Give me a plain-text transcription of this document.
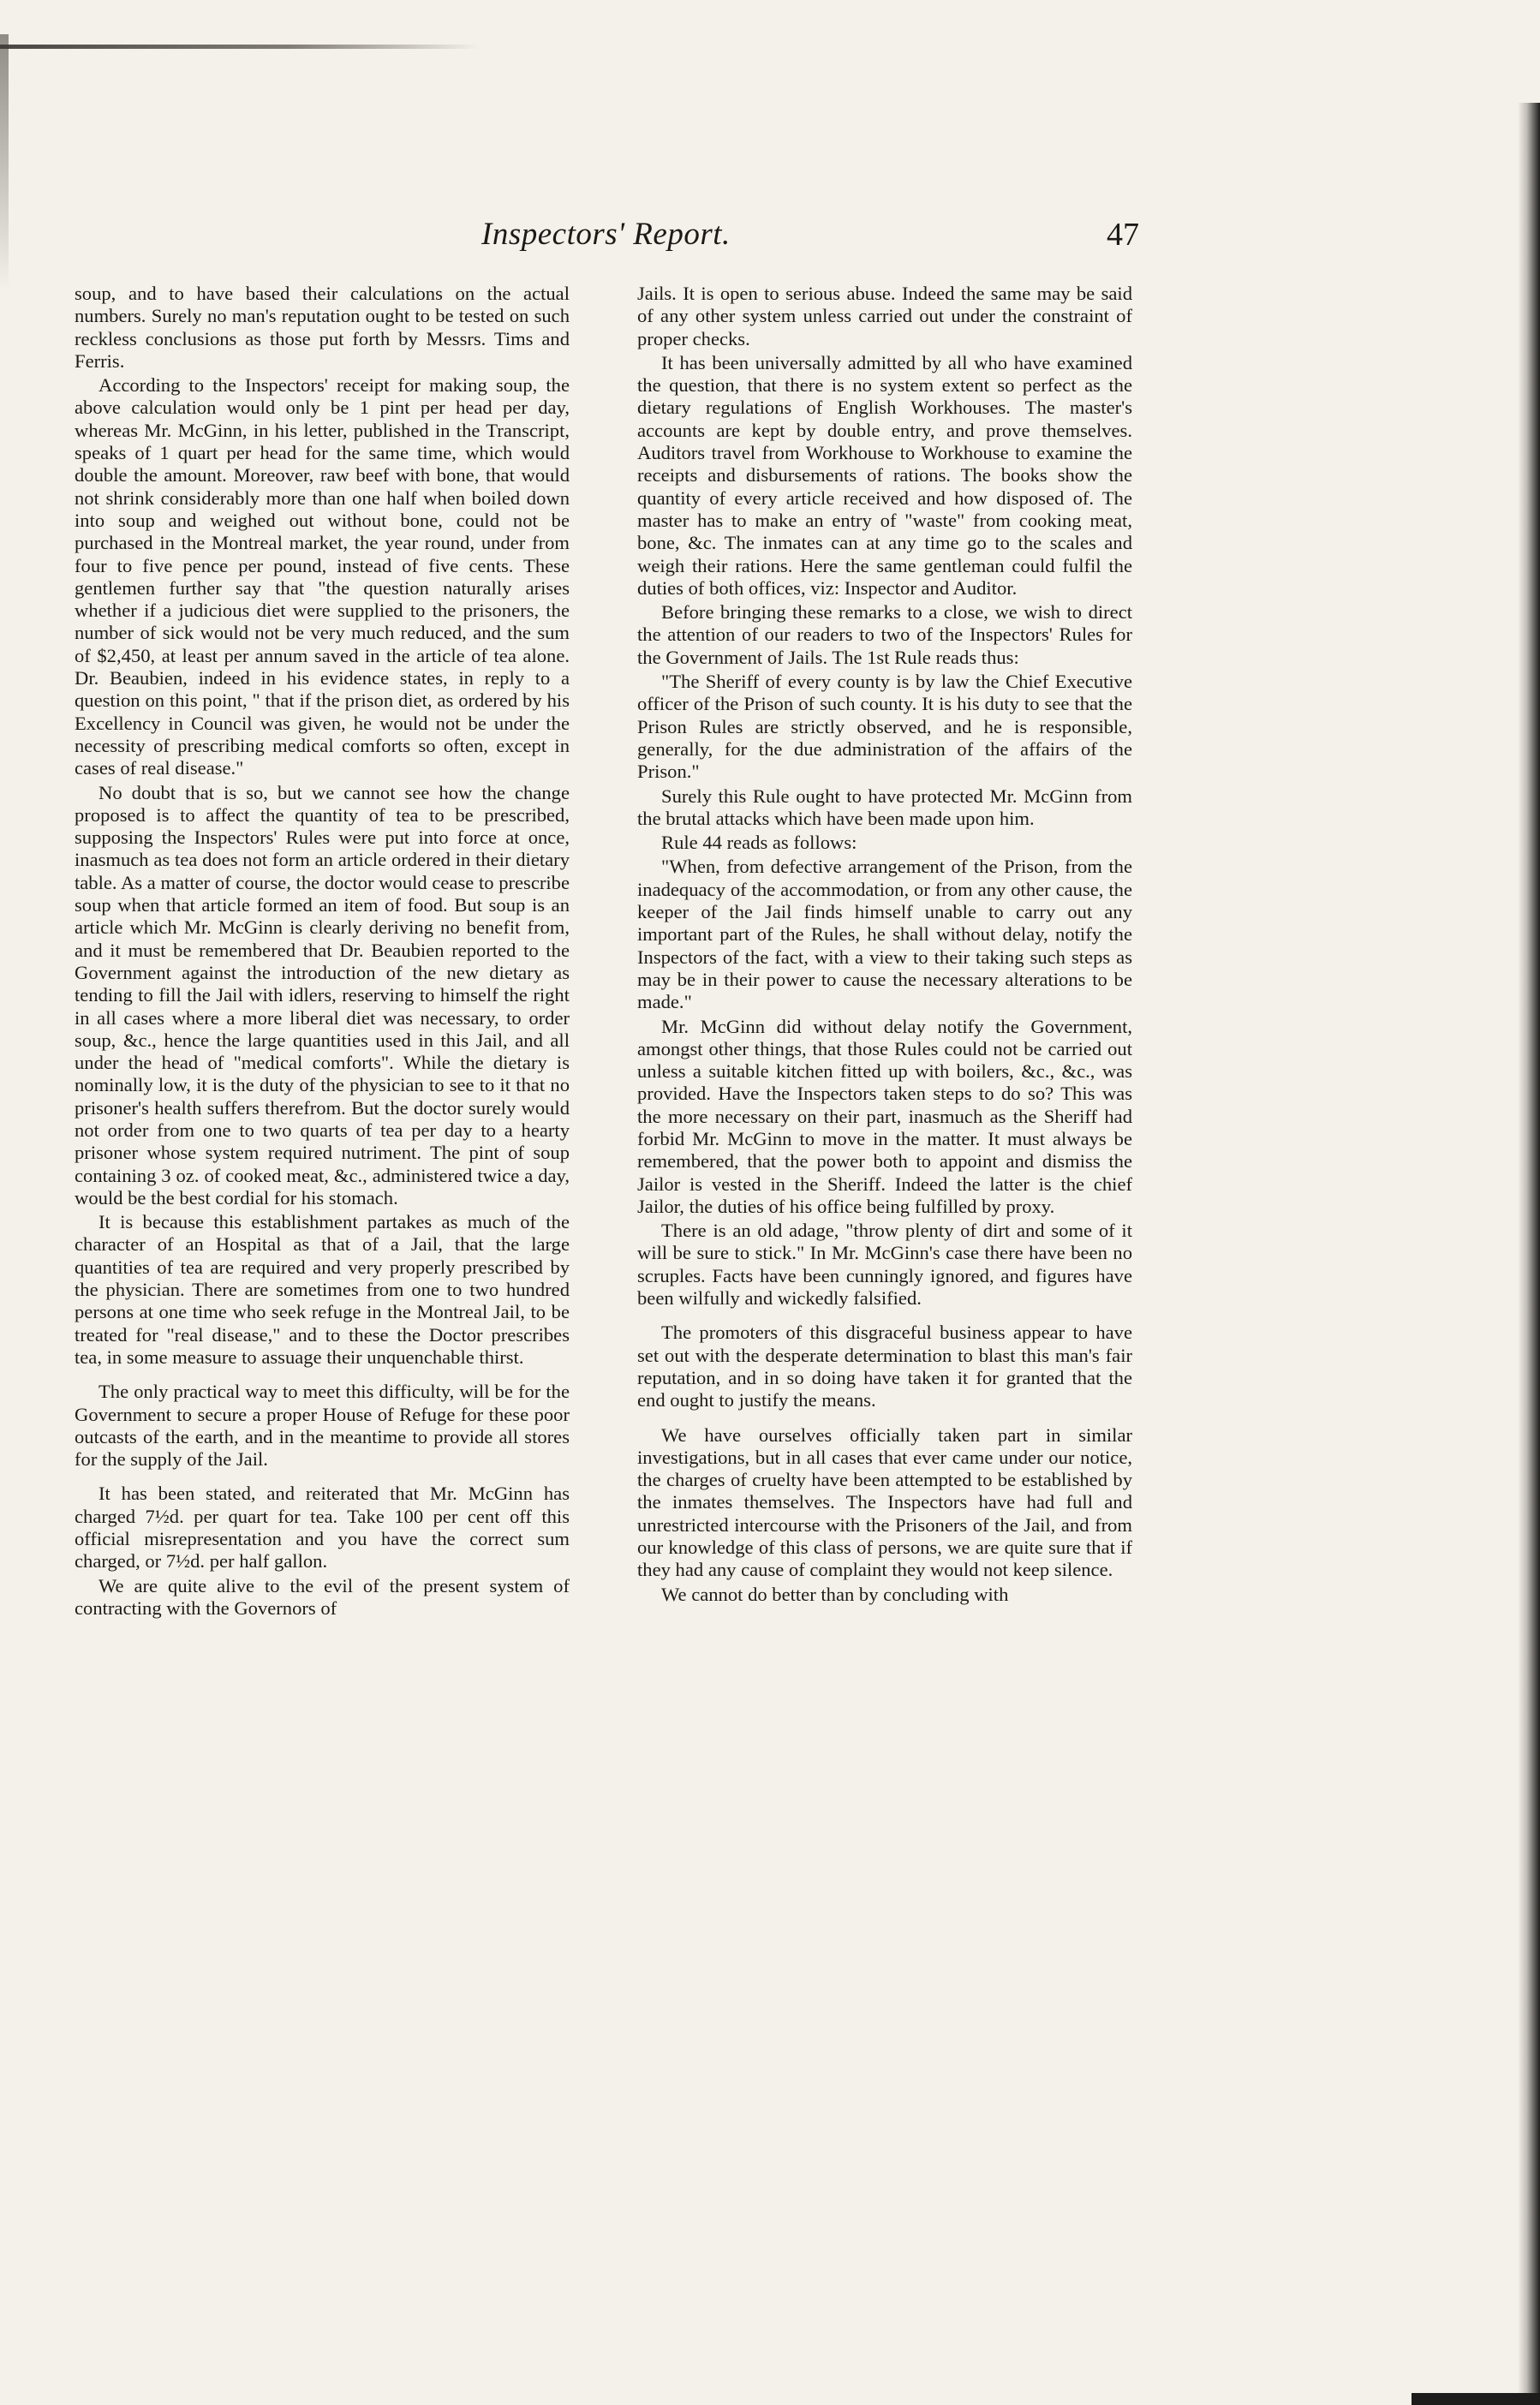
Inspectors' Report.	47

soup, and to have based their calculations on the actual numbers. Surely no man's reputation ought to be tested on such reckless conclusions as those put forth by Messrs. Tims and Ferris.

According to the Inspectors' receipt for making soup, the above calculation would only be 1 pint per head per day, whereas Mr. McGinn, in his letter, published in the Transcript, speaks of 1 quart per head for the same time, which would double the amount. Moreover, raw beef with bone, that would not shrink considerably more than one half when boiled down into soup and weighed out without bone, could not be purchased in the Montreal market, the year round, under from four to five pence per pound, instead of five cents. These gentlemen further say that "the question naturally arises whether if a judicious diet were supplied to the prisoners, the number of sick would not be very much reduced, and the sum of $2,450, at least per annum saved in the article of tea alone. Dr. Beaubien, indeed in his evidence states, in reply to a question on this point, " that if the prison diet, as ordered by his Excellency in Council was given, he would not be under the necessity of prescribing medical comforts so often, except in cases of real disease."

No doubt that is so, but we cannot see how the change proposed is to affect the quantity of tea to be prescribed, supposing the Inspectors' Rules were put into force at once, inasmuch as tea does not form an article ordered in their dietary table. As a matter of course, the doctor would cease to prescribe soup when that article formed an item of food. But soup is an article which Mr. McGinn is clearly deriving no benefit from, and it must be remembered that Dr. Beaubien reported to the Government against the introduction of the new dietary as tending to fill the Jail with idlers, reserving to himself the right in all cases where a more liberal diet was necessary, to order soup, &c., hence the large quantities used in this Jail, and all under the head of "medical comforts". While the dietary is nominally low, it is the duty of the physician to see to it that no prisoner's health suffers therefrom. But the doctor surely would not order from one to two quarts of tea per day to a hearty prisoner whose system required nutriment. The pint of soup containing 3 oz. of cooked meat, &c., administered twice a day, would be the best cordial for his stomach.

It is because this establishment partakes as much of the character of an Hospital as that of a Jail, that the large quantities of tea are required and very properly prescribed by the physician. There are sometimes from one to two hundred persons at one time who seek refuge in the Montreal Jail, to be treated for "real disease," and to these the Doctor prescribes tea, in some measure to assuage their unquenchable thirst.

The only practical way to meet this difficulty, will be for the Government to secure a proper House of Refuge for these poor outcasts of the earth, and in the meantime to provide all stores for the supply of the Jail.

It has been stated, and reiterated that Mr. McGinn has charged 7½d. per quart for tea. Take 100 per cent off this official misrepresentation and you have the correct sum charged, or 7½d. per half gallon.

We are quite alive to the evil of the present system of contracting with the Governors of

Jails. It is open to serious abuse. Indeed the same may be said of any other system unless carried out under the constraint of proper checks.

It has been universally admitted by all who have examined the question, that there is no system extent so perfect as the dietary regulations of English Workhouses. The master's accounts are kept by double entry, and prove themselves. Auditors travel from Workhouse to Workhouse to examine the receipts and disbursements of rations. The books show the quantity of every article received and how disposed of. The master has to make an entry of "waste" from cooking meat, bone, &c. The inmates can at any time go to the scales and weigh their rations. Here the same gentleman could fulfil the duties of both offices, viz: Inspector and Auditor.

Before bringing these remarks to a close, we wish to direct the attention of our readers to two of the Inspectors' Rules for the Government of Jails. The 1st Rule reads thus:

"The Sheriff of every county is by law the Chief Executive officer of the Prison of such county. It is his duty to see that the Prison Rules are strictly observed, and he is responsible, generally, for the due administration of the affairs of the Prison."

Surely this Rule ought to have protected Mr. McGinn from the brutal attacks which have been made upon him.

Rule 44 reads as follows:

"When, from defective arrangement of the Prison, from the inadequacy of the accommodation, or from any other cause, the keeper of the Jail finds himself unable to carry out any important part of the Rules, he shall without delay, notify the Inspectors of the fact, with a view to their taking such steps as may be in their power to cause the necessary alterations to be made."

Mr. McGinn did without delay notify the Government, amongst other things, that those Rules could not be carried out unless a suitable kitchen fitted up with boilers, &c., &c., was provided. Have the Inspectors taken steps to do so? This was the more necessary on their part, inasmuch as the Sheriff had forbid Mr. McGinn to move in the matter. It must always be remembered, that the power both to appoint and dismiss the Jailor is vested in the Sheriff. Indeed the latter is the chief Jailor, the duties of his office being fulfilled by proxy.

There is an old adage, "throw plenty of dirt and some of it will be sure to stick." In Mr. McGinn's case there have been no scruples. Facts have been cunningly ignored, and figures have been wilfully and wickedly falsified.

The promoters of this disgraceful business appear to have set out with the desperate determination to blast this man's fair reputation, and in so doing have taken it for granted that the end ought to justify the means.

We have ourselves officially taken part in similar investigations, but in all cases that ever came under our notice, the charges of cruelty have been attempted to be established by the inmates themselves. The Inspectors have had full and unrestricted intercourse with the Prisoners of the Jail, and from our knowledge of this class of persons, we are quite sure that if they had any cause of complaint they would not keep silence.

We cannot do better than by concluding with
